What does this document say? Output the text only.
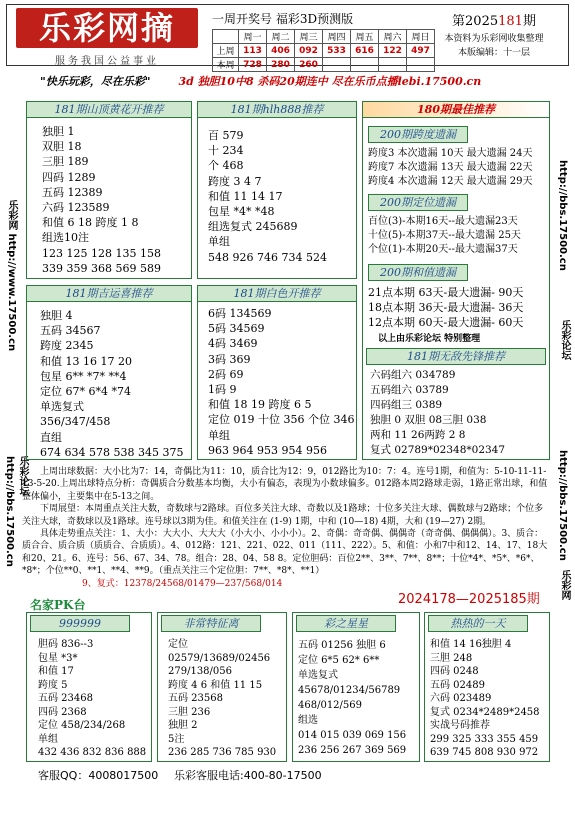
乐彩网摘
服务我国公益事业
一周开奖号 福彩3D预测版
	周一	周二	周三	周四	周五	周六	周日
上周	113	406	092	533	616	122	497
本周	728	280	260				
第2025181期
本资料为乐彩网收集整理
本版编辑：十一层
"快乐玩彩，尽在乐彩"	3d 独胆10中8 杀码20期连中 尽在乐币点播lebi.17500.cn
乐彩网 http://www.17500.cn
乐彩论坛 http://bbs.17500.cn
http://bbs.17500.cn
乐彩论坛
http://bbs.17500.cn
乐彩网
181期山顶黄花开推荐
独胆 1
双胆 18
三胆 189
四码 1289
五码 12389
六码 123589
和值 6 18 跨度 1 8
组选10注
123 125 128 135 158
339 359 368 569 589
181期hlh888推荐
百 579
十 234
个 468
跨度 3 4 7
和值 11 14 17
包星 *4* *48
组选复式 245689
单组
548 926 746 734 524
181期吉运喜推荐
独胆 4
五码 34567
跨度 2345
和值 13 16 17 20
包星 6** *7* **4
定位 67* 6*4 *74
单选复式
356/347/458
直组
674 634 578 538 345 375
181期白色开推荐
6码 134569
5码 34569
4码 3469
3码 369
2码 69
1码 9
和值 18 19 跨度 6 5
定位 019 十位 356 个位 346
单组
963 964 953 954 956
180期最佳推荐
200期跨度遗漏
跨度3 本次遗漏 10天 最大遗漏 24天
跨度7 本次遗漏 13天 最大遗漏 22天
跨度4 本次遗漏 12天 最大遗漏 29天
200期定位遗漏
百位(3)-本期16天--最大遗漏23天
十位(5)-本期37天--最大遗漏 25天
个位(1)-本期20天--最大遗漏37天
200期和值遗漏
21点本期 63天-最大遗漏- 90天
18点本期 36天-最大遗漏- 36天
12点本期 60天-最大遗漏- 60天
以上由乐彩论坛 特别整理
181期无敌先锋推荐
六码组六 034789
五码组六 03789
四码组三 0389
独胆 0 双胆 08三胆 038
两和 11 26两跨 2 8
复式 02789*02348*02347
上周出球数据：大小比为7：14，奇偶比为11：10，质合比为12：9，012路比为10：7：4。连号1期，和值为：5-10-11-11-13-5-20.上周出球特点分析：奇偶质合分数基本均衡，大小有偏态，表现为小数球偏多。012路本周2路球走弱，1路正常出球，和值整体偏小，主要集中在5-13之间。
下周展望：本周重点关注大数，奇数球与2路球。百位多关注大球、奇数以及1路球；十位多关注大球、偶数球与2路球；个位多关注大球，奇数球以及1路球。连号球以3期为佳。和值关注在 (1-9) 1期，中和 (10—18) 4期，大和 (19—27) 2期。
具体走势重点关注：1、大小：大大小、大大大（小大小、小小小）。2、奇偶：奇奇偶、偶偶奇（奇奇偶、偶偶偶）。3、质合：质合合、质合质（质质合、合质质）。4、012路：121、221、022、011（111、222）。5、和值：小和7中和12、14、17、18大和20、21。6、连号：56、67、34、78。组合：28、04、58 8。定位胆码：百位2**、3**、7**、8**；十位*4*、*5*、*6*、*8*；个位**0、**1、**4、**9。（重点关注三个定位胆：7**、*8*、**1）
9、复式：12378/24568/01479—237/568/014
名家PK台	2024178—2025185期
999999
胆码 836--3
包星 *3*
和值 17
跨度 5
五码 23468
四码 2368
定位 458/234/268
单组
432 436 832 836 888
非常特征离
定位
02579/13689/02456
279/138/056
跨度 4 6 和值 11 15
五码 23568
三胆 236
独胆 2
5注
236 285 736 785 930
彩之星星
五码 01256 独胆 6
定位 6*5 62* 6**
单选复式
45678/01234/56789
468/012/569
组选
014 015 039 069 156
236 256 267 369 569
热热的一天
和值 14 16独胆 4
三胆 248
四码 0248
五码 02489
六码 023489
复式 0234*2489*2458
实战号码推荐
299 325 333 355 459
639 745 808 930 972
客服QQ：4008017500 乐彩客服电话:400-80-17500
